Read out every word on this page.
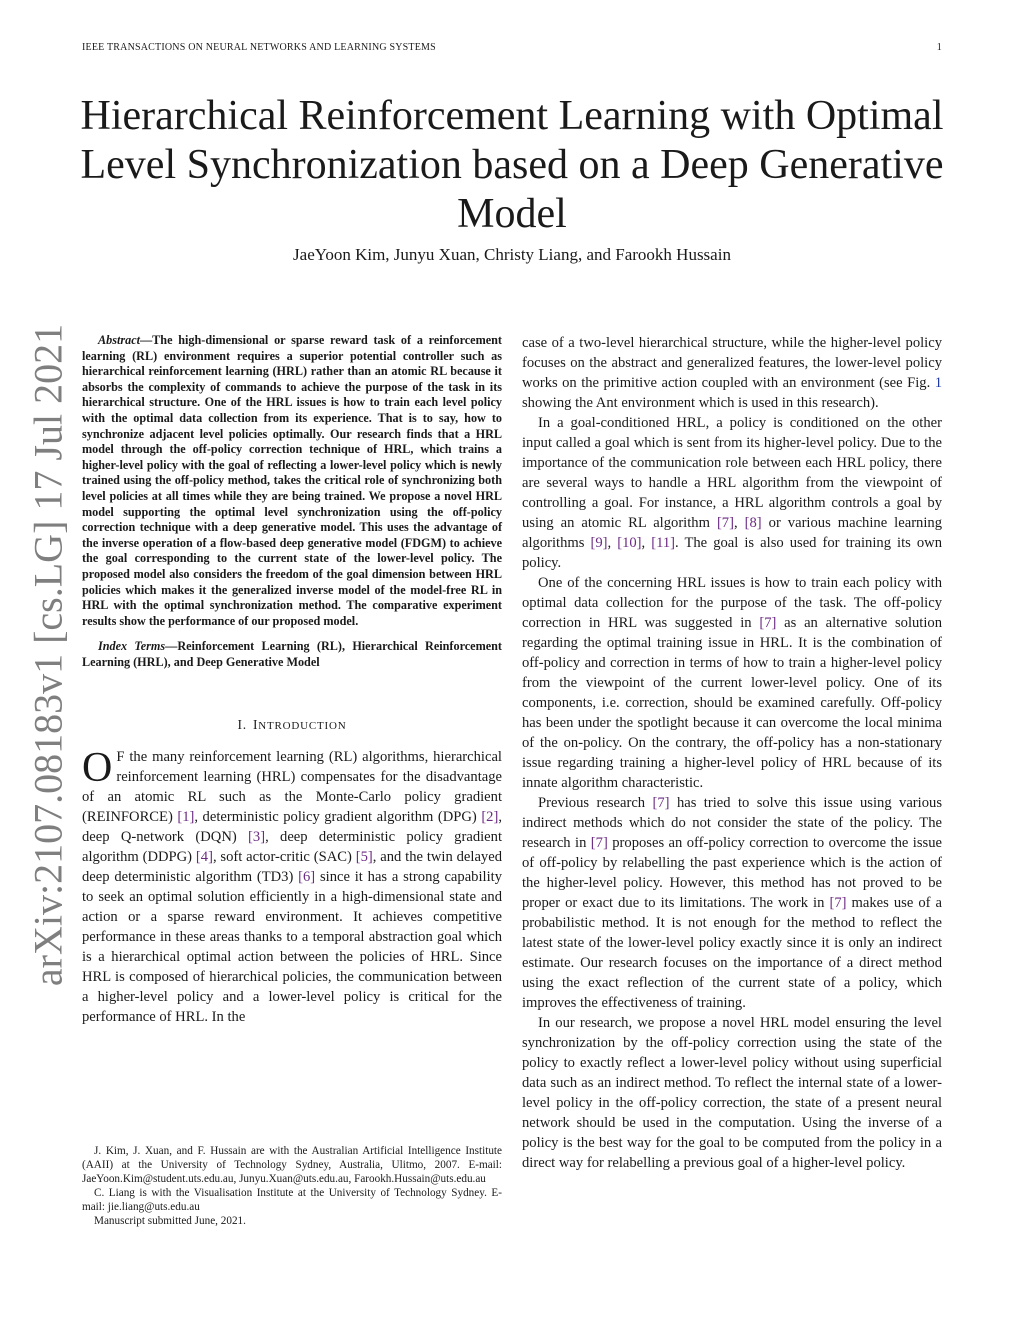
IEEE TRANSACTIONS ON NEURAL NETWORKS AND LEARNING SYSTEMS	1
Hierarchical Reinforcement Learning with Optimal Level Synchronization based on a Deep Generative Model
JaeYoon Kim, Junyu Xuan, Christy Liang, and Farookh Hussain
arXiv:2107.08183v1 [cs.LG] 17 Jul 2021	Abstract—The high-dimensional or sparse reward task of a reinforcement learning (RL) environment requires a superior potential controller such as hierarchical reinforcement learning (HRL) rather than an atomic RL because it absorbs the complexity of commands to achieve the purpose of the task in its hierarchical structure. One of the HRL issues is how to train each level policy with the optimal data collection from its experience. That is to say, how to synchronize adjacent level policies optimally. Our research finds that a HRL model through the off-policy correction technique of HRL, which trains a higher-level policy with the goal of reflecting a lower-level policy which is newly trained using the off-policy method, takes the critical role of synchronizing both level policies at all times while they are being trained. We propose a novel HRL model supporting the optimal level synchronization using the off-policy correction technique with a deep generative model. This uses the advantage of the inverse operation of a flow-based deep generative model (FDGM) to achieve the goal corresponding to the current state of the lower-level policy. The proposed model also considers the freedom of the goal dimension between HRL policies which makes it the generalized inverse model of the model-free RL in HRL with the optimal synchronization method. The comparative experiment results show the performance of our proposed model.

Index Terms—Reinforcement Learning (RL), Hierarchical Reinforcement Learning (HRL), and Deep Generative Model

I. INTRODUCTION

O F the many reinforcement learning (RL) algorithms, hierarchical reinforcement learning (HRL) compensates for the disadvantage of an atomic RL such as the Monte-Carlo policy gradient (REINFORCE) [1], deterministic policy gradient algorithm (DPG) [2], deep Q-network (DQN) [3], deep deterministic policy gradient algorithm (DDPG) [4], soft actor-critic (SAC) [5], and the twin delayed deep deterministic algorithm (TD3) [6] since it has a strong capability to seek an optimal solution efficiently in a high-dimensional state and action or a sparse reward environment. It achieves competitive performance in these areas thanks to a temporal abstraction goal which is a hierarchical optimal action between the policies of HRL. Since HRL is composed of hierarchical policies, the communication between a higher-level policy and a lower-level policy is critical for the performance of HRL. In the

J. Kim, J. Xuan, and F. Hussain are with the Australian Artificial Intelligence Institute (AAII) at the University of Technology Sydney, Australia, Ulitmo, 2007. E-mail: JaeYoon.Kim@student.uts.edu.au, Junyu.Xuan@uts.edu.au, Farookh.Hussain@uts.edu.au

C. Liang is with the Visualisation Institute at the University of Technology Sydney. E-mail: jie.liang@uts.edu.au

Manuscript submitted June, 2021.

case of a two-level hierarchical structure, while the higher-level policy focuses on the abstract and generalized features, the lower-level policy works on the primitive action coupled with an environment (see Fig. 1 showing the Ant environment which is used in this research).

In a goal-conditioned HRL, a policy is conditioned on the other input called a goal which is sent from its higher-level policy. Due to the importance of the communication role between each HRL policy, there are several ways to handle a HRL algorithm from the viewpoint of controlling a goal. For instance, a HRL algorithm controls a goal by using an atomic RL algorithm [7], [8] or various machine learning algorithms [9], [10], [11]. The goal is also used for training its own policy.

One of the concerning HRL issues is how to train each policy with optimal data collection for the purpose of the task. The off-policy correction in HRL was suggested in [7] as an alternative solution regarding the optimal training issue in HRL. It is the combination of off-policy and correction in terms of how to train a higher-level policy from the viewpoint of the current lower-level policy. One of its components, i.e. correction, should be examined carefully. Off-policy has been under the spotlight because it can overcome the local minima of the on-policy. On the contrary, the off-policy has a non-stationary issue regarding training a higher-level policy of HRL because of its innate algorithm characteristic.

Previous research [7] has tried to solve this issue using various indirect methods which do not consider the state of the policy. The research in [7] proposes an off-policy correction to overcome the issue of off-policy by relabelling the past experience which is the action of the higher-level policy. However, this method has not proved to be proper or exact due to its limitations. The work in [7] makes use of a probabilistic method. It is not enough for the method to reflect the latest state of the lower-level policy exactly since it is only an indirect estimate. Our research focuses on the importance of a direct method using the exact reflection of the current state of a policy, which improves the effectiveness of training.

In our research, we propose a novel HRL model ensuring the level synchronization by the off-policy correction using the state of the policy to exactly reflect a lower-level policy without using superficial data such as an indirect method. To reflect the internal state of a lower-level policy in the off-policy correction, the state of a present neural network should be used in the computation. Using the inverse of a policy is the best way for the goal to be computed from the policy in a direct way for relabelling a previous goal of a higher-level policy.
